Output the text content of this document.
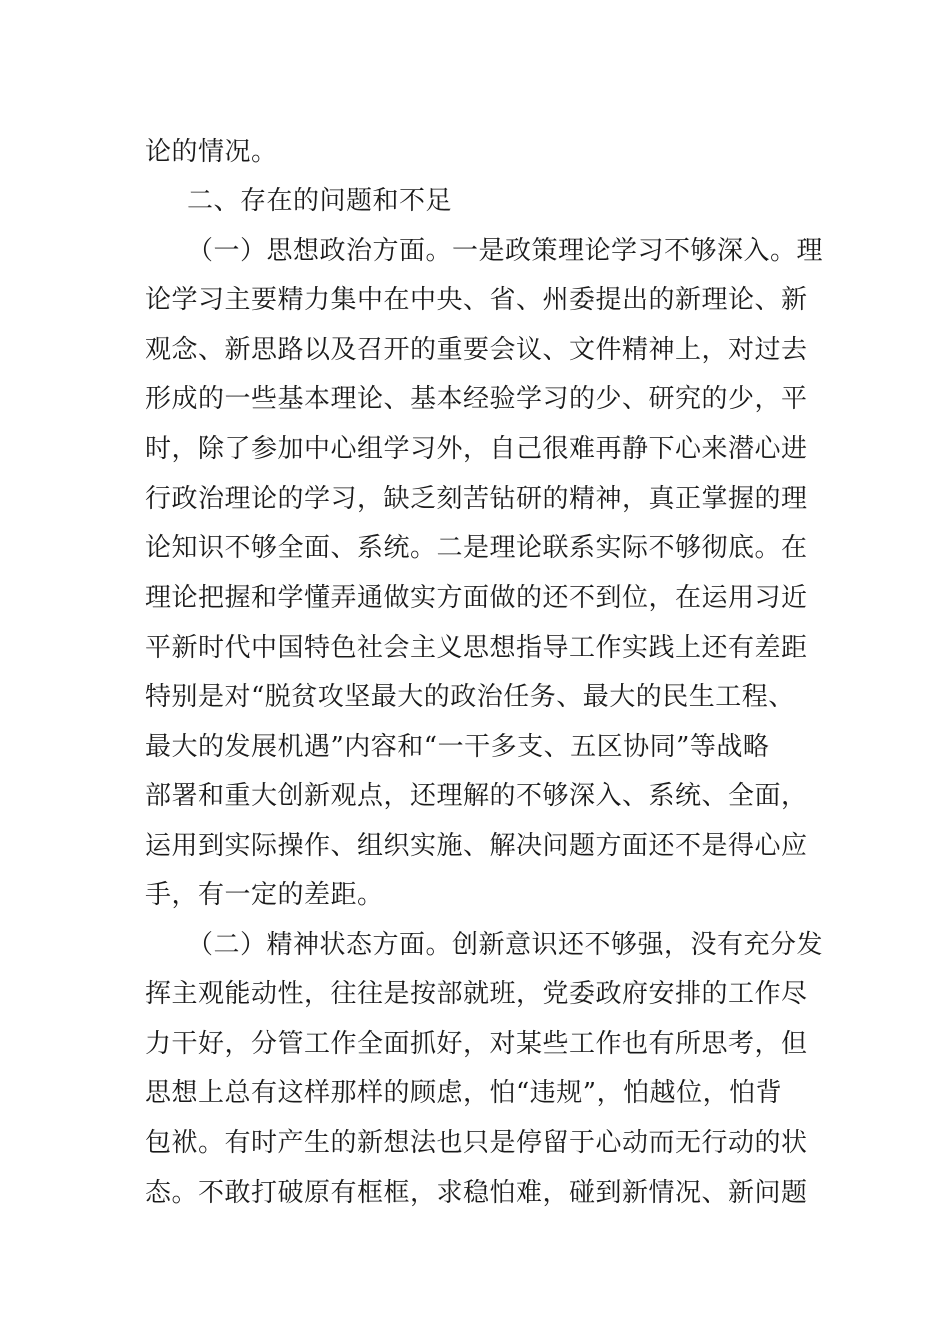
论的情况。
二、存在的问题和不足
（一）思想政治方面。一是政策理论学习不够深入。理
论学习主要精力集中在中央、省、州委提出的新理论、新
观念、新思路以及召开的重要会议、文件精神上，对过去
形成的一些基本理论、基本经验学习的少、研究的少，平
时，除了参加中心组学习外，自己很难再静下心来潜心进
行政治理论的学习，缺乏刻苦钻研的精神，真正掌握的理
论知识不够全面、系统。二是理论联系实际不够彻底。在
理论把握和学懂弄通做实方面做的还不到位，在运用习近
平新时代中国特色社会主义思想指导工作实践上还有差距
特别是对“脱贫攻坚最大的政治任务、最大的民生工程、
最大的发展机遇”内容和“一干多支、五区协同”等战略
部署和重大创新观点，还理解的不够深入、系统、全面，
运用到实际操作、组织实施、解决问题方面还不是得心应
手，有一定的差距。
（二）精神状态方面。创新意识还不够强，没有充分发
挥主观能动性，往往是按部就班，党委政府安排的工作尽
力干好，分管工作全面抓好，对某些工作也有所思考，但
思想上总有这样那样的顾虑，怕“违规”，怕越位，怕背
包袱。有时产生的新想法也只是停留于心动而无行动的状
态。不敢打破原有框框，求稳怕难，碰到新情况、新问题
